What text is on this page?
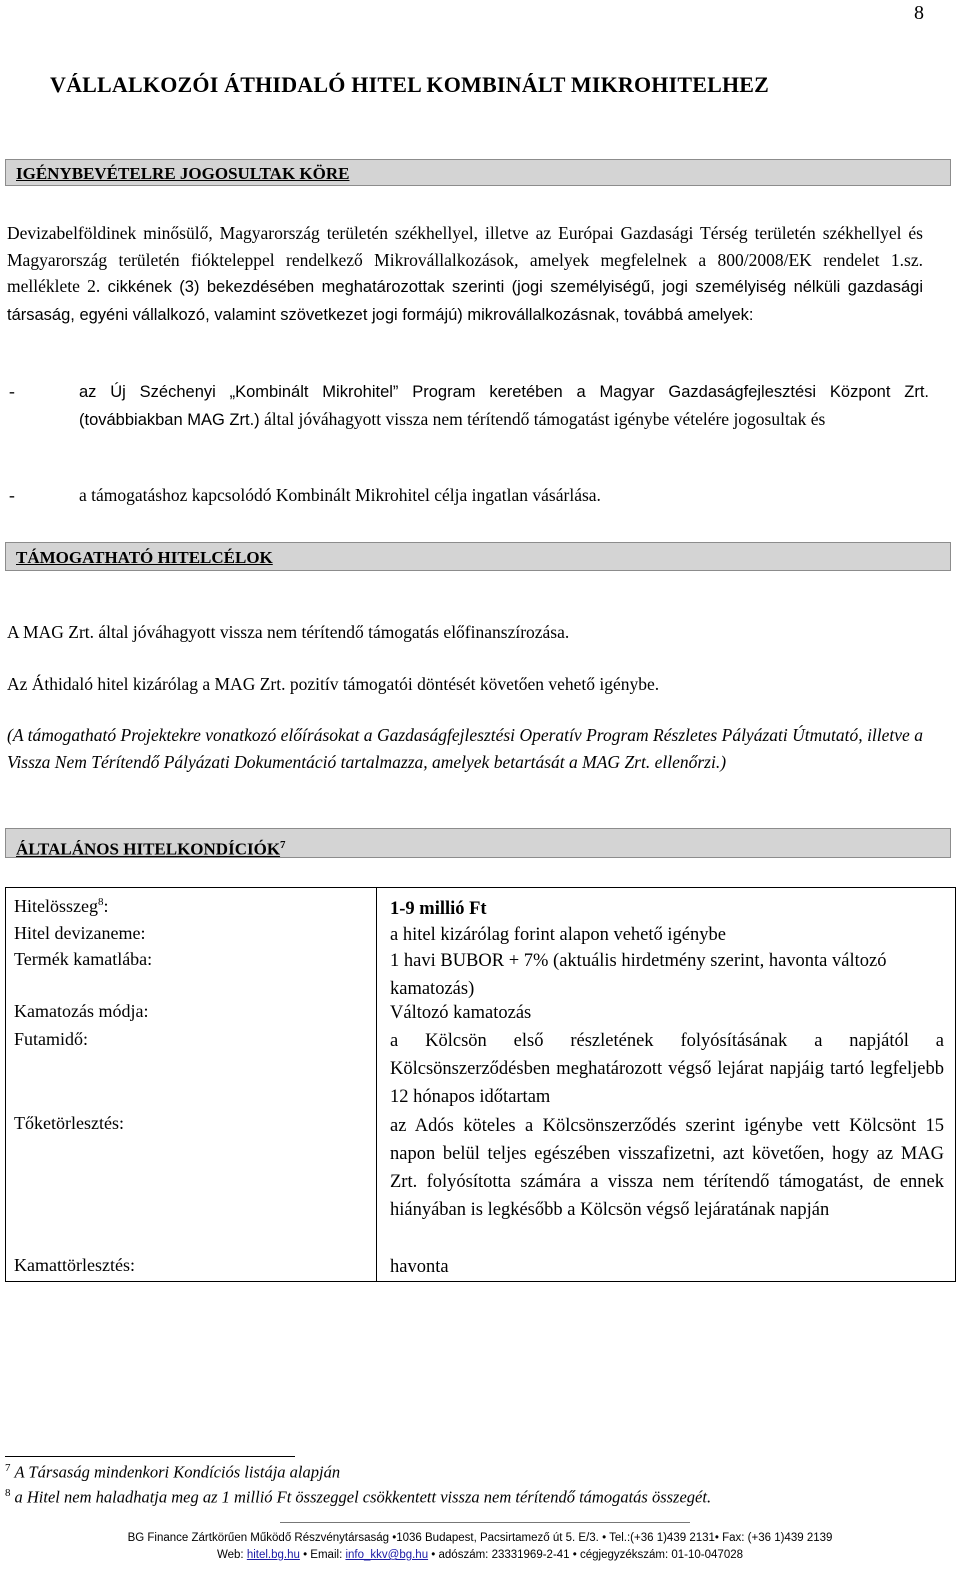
8
VÁLLALKOZÓI ÁTHIDALÓ HITEL KOMBINÁLT MIKROHITELHEZ
IGÉNYBEVÉTELRE JOGOSULTAK KÖRE
Devizabelföldinek minősülő, Magyarország területén székhellyel, illetve az Európai Gazdasági Térség területén székhellyel és Magyarország területén fióktelеppel rendelkező Mikrovállalkozások, amelyek megfelelnek a 800/2008/EK rendelet 1.sz. melléklete 2. cikkének (3) bekezdésében meghatározottak szerinti (jogi személyiségű, jogi személyiség nélküli gazdasági társaság, egyéni vállalkozó, valamint szövetkezet jogi formájú) mikrovállalkozásnak, továbbá amelyek:
-	az Új Széchenyi „Kombinált Mikrohitel” Program keretében a Magyar Gazdaságfejlesztési Központ Zrt. (továbbiakban MAG Zrt.) által jóváhagyott vissza nem térítendő támogatást igénybe vételére jogosultak és
-	a támogatáshoz kapcsolódó Kombinált Mikrohitel célja ingatlan vásárlása.
TÁMOGATHATÓ HITELCÉLOK
A MAG Zrt. által jóváhagyott vissza nem térítendő támogatás előfinanszírozása.
Az Áthidaló hitel kizárólag a MAG Zrt. pozitív támogatói döntését követően vehető igénybe.
(A támogatható Projektekre vonatkozó előírásokat a Gazdaságfejlesztési Operatív Program Részletes Pályázati Útmutató, illetve a Vissza Nem Térítendő Pályázati Dokumentáció tartalmazza, amelyek betartását a MAG Zrt. ellenőrzi.)
ÁLTALÁNOS HITELKONDÍCIÓK$^7$
Hitelösszeg$^8$:	1-9 millió Ft
Hitel devizaneme:	a hitel kizárólag forint alapon vehető igénybe
Termék kamatlába:	1 havi BUBOR + 7% (aktuális hirdetmény szerint, havonta változó kamatozás)
Kamatozás módja:	Változó kamatozás
Futamidő:	a Kölcsön első részletének folyósításának a napjától a Kölcsönszerződésben meghatározott végső lejárat napjáig tartó legfeljebb 12 hónapos időtartam
Tőketörlesztés:	az Adós köteles a Kölcsönszerződés szerint igénybe vett Kölcsönt 15 napon belül teljes egészében visszafizetni, azt követően, hogy az MAG Zrt. folyósította számára a vissza nem térítendő támogatást, de ennek hiányában is legkésőbb a Kölcsön végső lejáratának napján
Kamattörlesztés:	havonta
$^7$ A Társaság mindenkori Kondíciós listája alapján
$^8$ a Hitel nem haladhatja meg az 1 millió Ft összeggel csökkentett vissza nem térítendő támogatás összegét.
BG Finance Zártkörűen Működő Részvénytársaság •1036 Budapest, Pacsirtamező út 5. E/3. • Tel.:(+36 1)439 2131• Fax: (+36 1)439 2139
Web: hitel.bg.hu • Email: info_kkv@bg.hu • adószám: 23331969-2-41 • cégjegyzékszám: 01-10-047028
